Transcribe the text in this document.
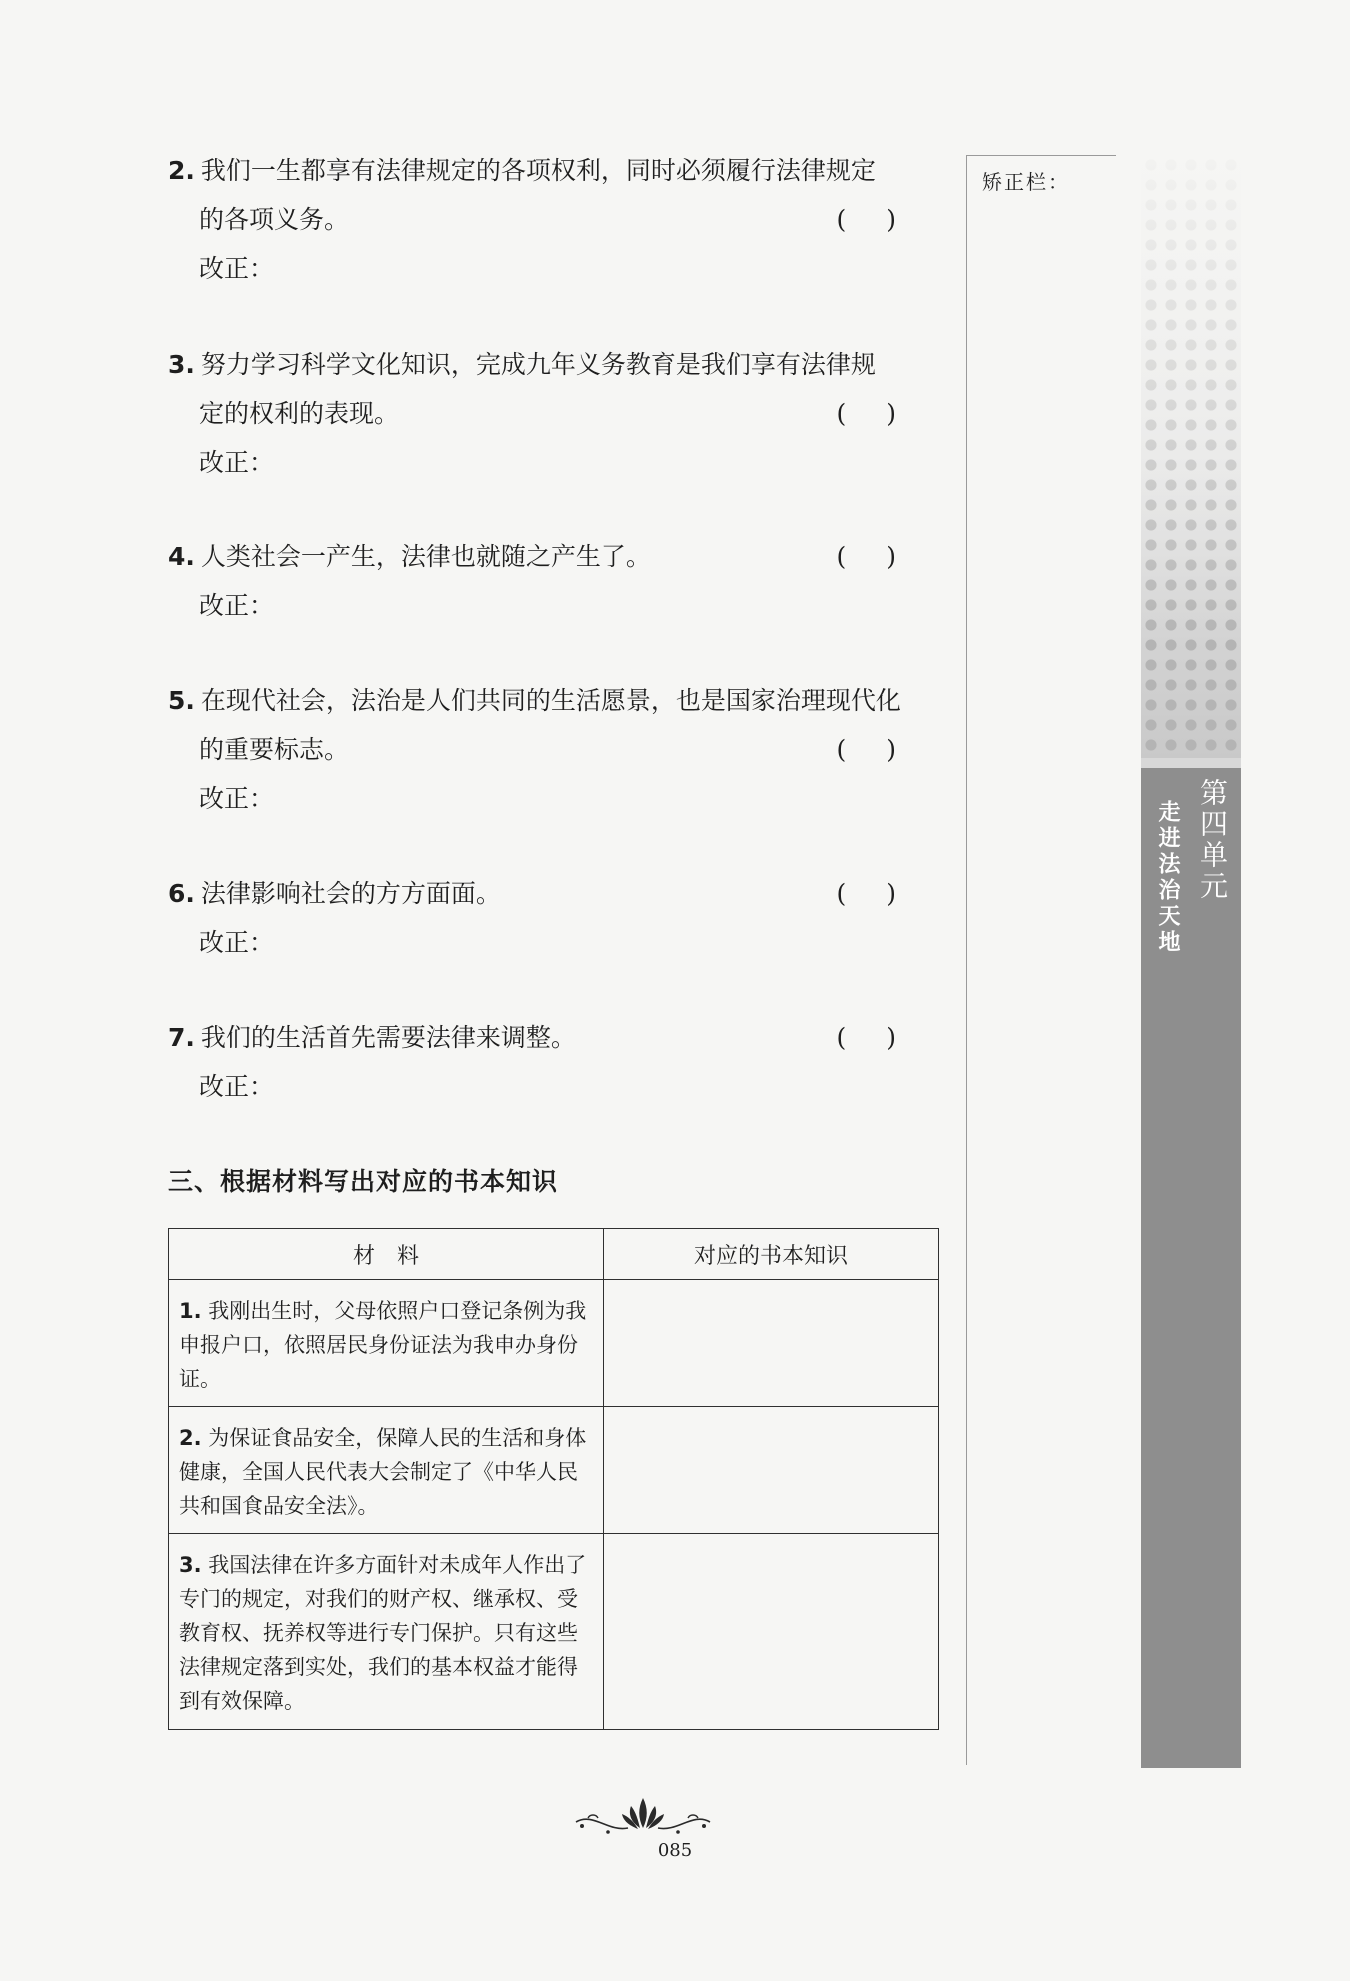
2. 我们一生都享有法律规定的各项权利，同时必须履行法律规定
的各项义务。	()
改正：
3. 努力学习科学文化知识，完成九年义务教育是我们享有法律规
定的权利的表现。	()
改正：
4. 人类社会一产生，法律也就随之产生了。	()
改正：
5. 在现代社会，法治是人们共同的生活愿景，也是国家治理现代化
的重要标志。	()
改正：
6. 法律影响社会的方方面面。	()
改正：
7. 我们的生活首先需要法律来调整。	()
改正：
三、根据材料写出对应的书本知识
材　料	对应的书本知识
1. 我刚出生时，父母依照户口登记条例为我申报户口，依照居民身份证法为我申办身份证。	
2. 为保证食品安全，保障人民的生活和身体健康，全国人民代表大会制定了《中华人民共和国食品安全法》。	
3. 我国法律在许多方面针对未成年人作出了专门的规定，对我们的财产权、继承权、受教育权、抚养权等进行专门保护。只有这些法律规定落到实处，我们的基本权益才能得到有效保障。	
矫正栏：
第四单元
走进法治天地
085
